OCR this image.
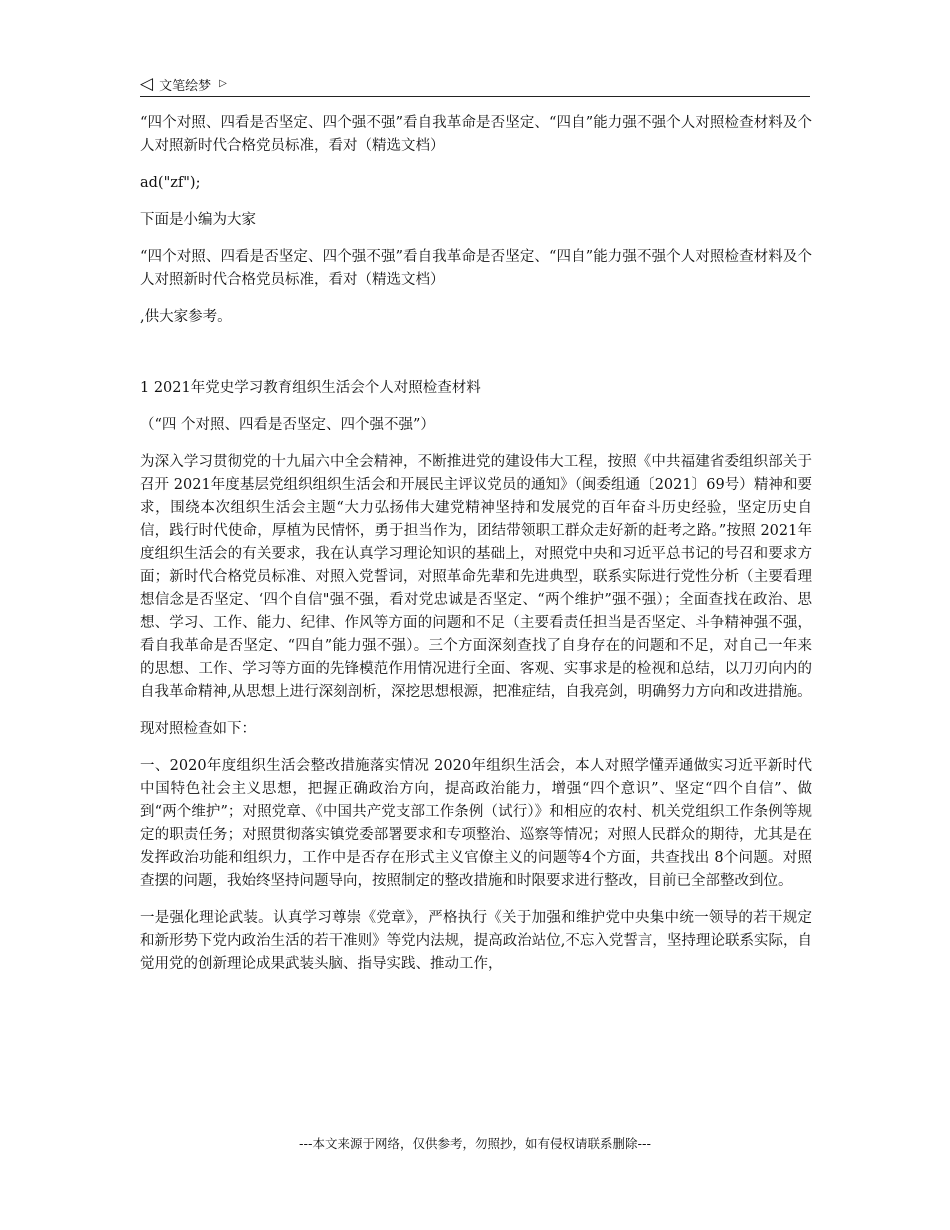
◁ 文笔绘梦 ▷

“四个对照、四看是否坚定、四个强不强”看自我革命是否坚定、“四自”能力强不强个人对照检查材料及个人对照新时代合格党员标准，看对（精选文档）

ad("zf");

下面是小编为大家

“四个对照、四看是否坚定、四个强不强”看自我革命是否坚定、“四自”能力强不强个人对照检查材料及个人对照新时代合格党员标准，看对（精选文档）

,供大家参考。

1 2021年党史学习教育组织生活会个人对照检查材料

（“四 个对照、四看是否坚定、四个强不强”）

为深入学习贯彻党的十九届六中全会精神，不断推进党的建设伟大工程，按照《中共福建省委组织部关于召开 2021年度基层党组织组织生活会和开展民主评议党员的通知》（闽委组通〔2021〕69号）精神和要求，围绕本次组织生活会主题“大力弘扬伟大建党精神坚持和发展党的百年奋斗历史经验，坚定历史自信，践行时代使命，厚植为民情怀，勇于担当作为，团结带领职工群众走好新的赶考之路。”按照 2021年度组织生活会的有关要求，我在认真学习理论知识的基础上，对照党中央和习近平总书记的号召和要求方面；新时代合格党员标准、对照入党誓词，对照革命先辈和先进典型，联系实际进行党性分析（主要看理想信念是否坚定、‘四个自信"强不强，看对党忠诚是否坚定、“两个维护”强不强）；全面查找在政治、思想、学习、工作、能力、纪律、作风等方面的问题和不足（主要看责任担当是否坚定、斗争精神强不强，看自我革命是否坚定、“四自”能力强不强）。三个方面深刻查找了自身存在的问题和不足，对自己一年来的思想、工作、学习等方面的先锋模范作用情况进行全面、客观、实事求是的检视和总结，以刀刃向内的自我革命精神,从思想上进行深刻剖析，深挖思想根源，把准症结，自我亮剑，明确努力方向和改进措施。

现对照检查如下：

一、2020年度组织生活会整改措施落实情况 2020年组织生活会，本人对照学懂弄通做实习近平新时代中国特色社会主义思想，把握正确政治方向，提高政治能力，增强“四个意识”、坚定“四个自信”、做到“两个维护”；对照党章、《中国共产党支部工作条例（试行）》和相应的农村、机关党组织工作条例等规定的职责任务；对照贯彻落实镇党委部署要求和专项整治、巡察等情况；对照人民群众的期待，尤其是在发挥政治功能和组织力，工作中是否存在形式主义官僚主义的问题等4个方面，共查找出 8个问题。对照查摆的问题，我始终坚持问题导向，按照制定的整改措施和时限要求进行整改，目前已全部整改到位。

一是强化理论武装。认真学习尊崇《党章》，严格执行《关于加强和维护党中央集中统一领导的若干规定和新形势下党内政治生活的若干准则》等党内法规，提高政治站位,不忘入党誓言，坚持理论联系实际，自觉用党的创新理论成果武装头脑、指导实践、推动工作，

---本文来源于网络，仅供参考，勿照抄，如有侵权请联系删除---
